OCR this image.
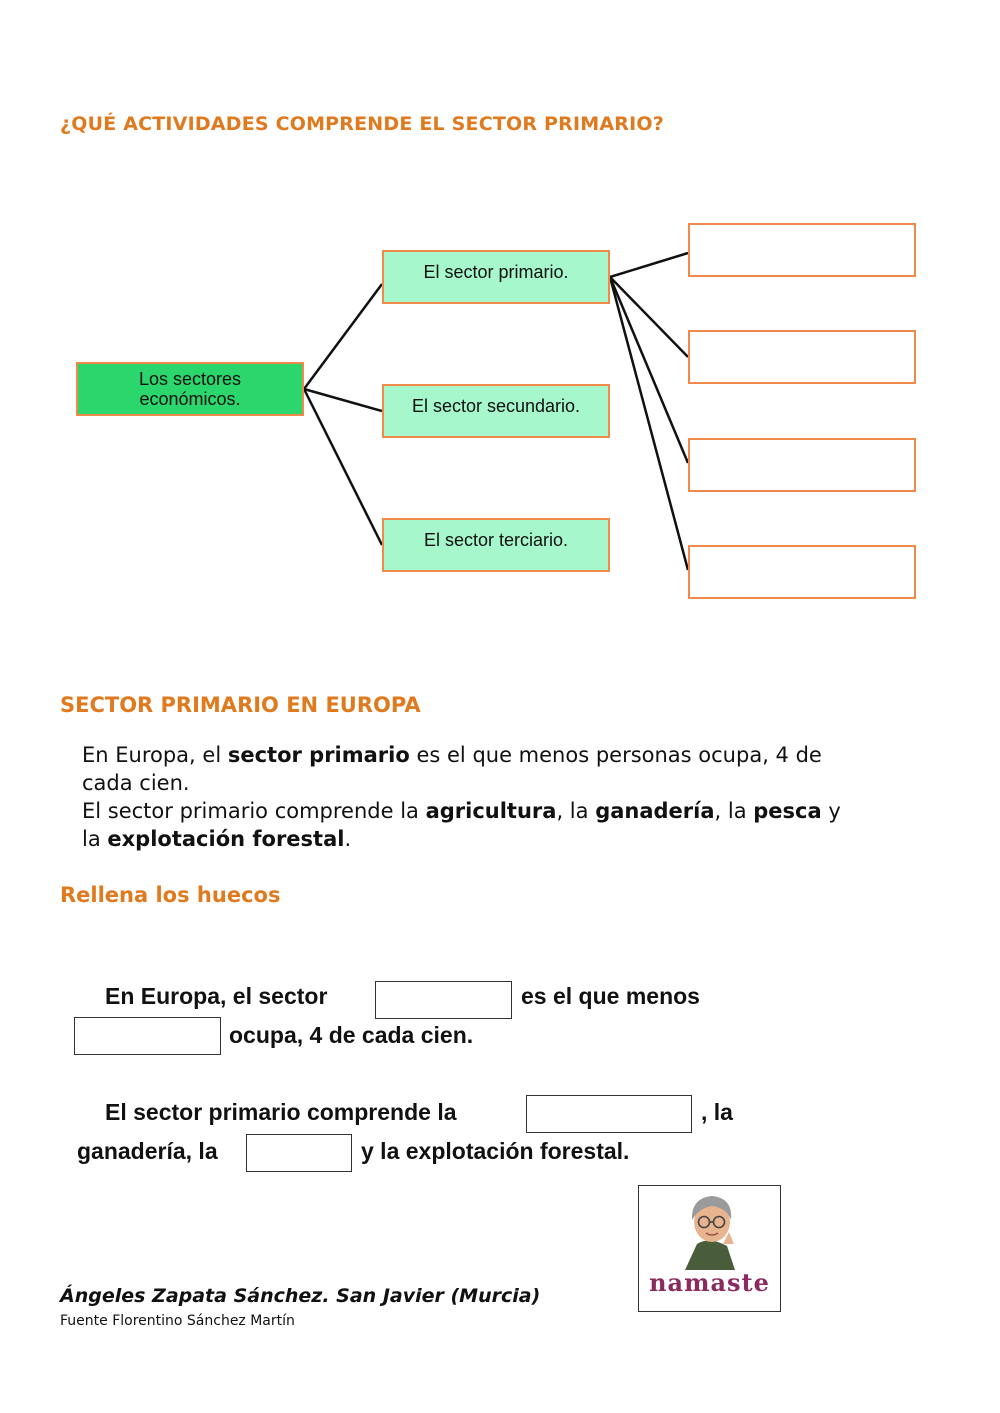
¿QUÉ ACTIVIDADES COMPRENDE EL SECTOR PRIMARIO?
Los sectores económicos.
El sector primario.
El sector secundario.
El sector terciario.
SECTOR PRIMARIO EN EUROPA
En Europa, el sector primario es el que menos personas ocupa, 4 de cada cien.
El sector primario comprende la agricultura, la ganadería, la pesca y la explotación forestal.
Rellena los huecos
En Europa, el sector	es el que menos
ocupa, 4 de cada cien.
El sector primario comprende la	, la
ganadería, la	y la explotación forestal.
namaste
Ángeles Zapata Sánchez. San Javier (Murcia)
Fuente Florentino Sánchez Martín
